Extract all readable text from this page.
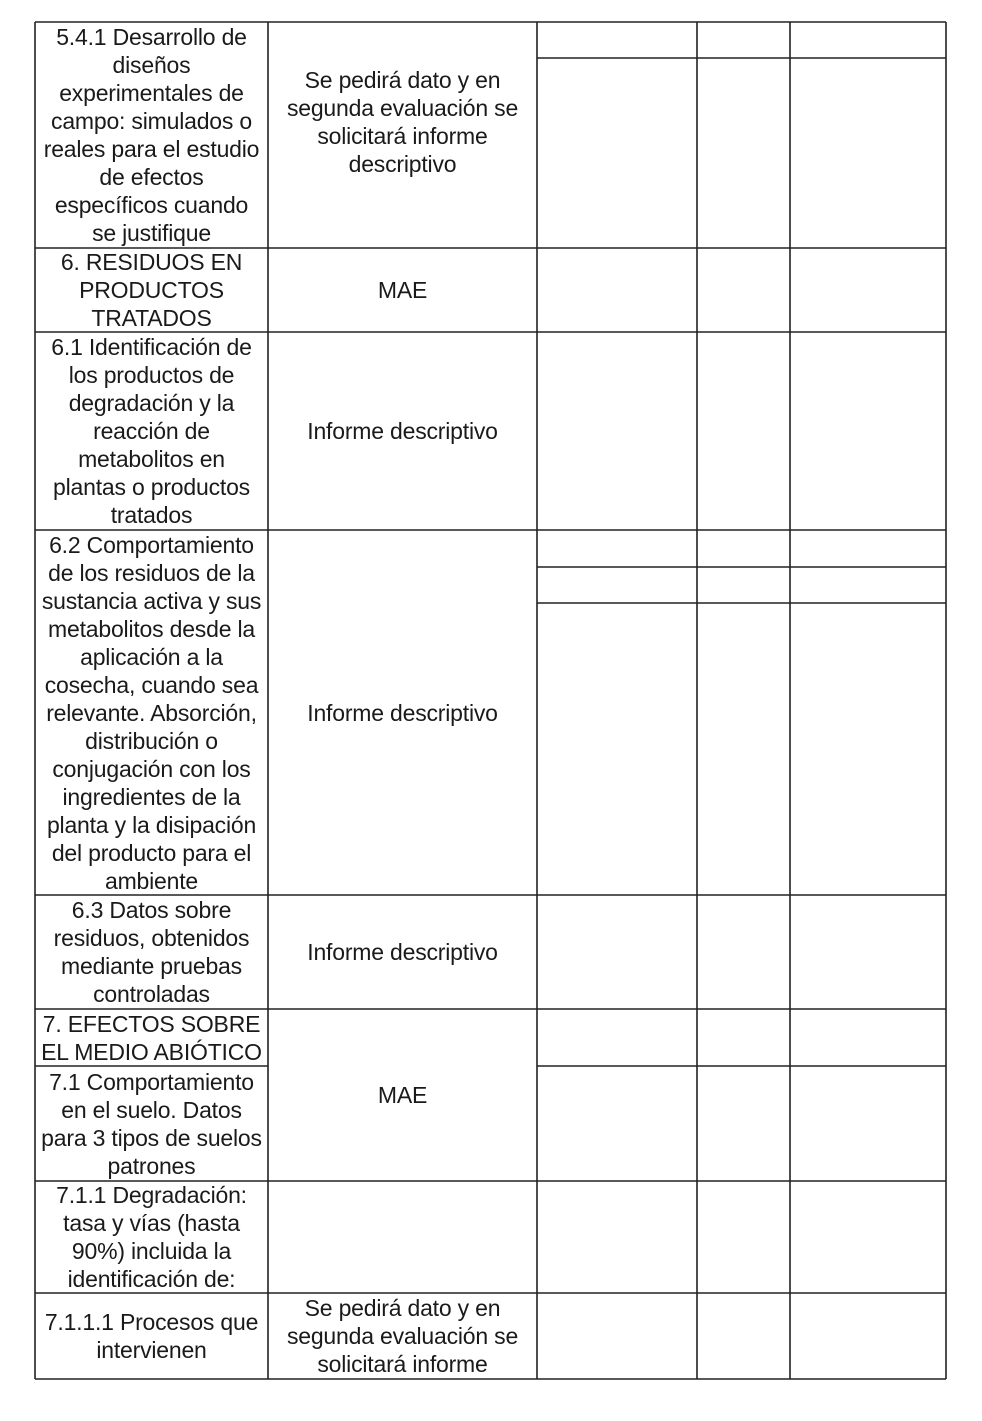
5.4.1 Desarrollo de
diseños
experimentales de
campo: simulados o
reales para el estudio
de efectos
específicos cuando
se justifique
Se pedirá dato y en
segunda evaluación se
solicitará informe
descriptivo
6. RESIDUOS EN
PRODUCTOS
TRATADOS
MAE
6.1 Identificación de
los productos de
degradación y la
reacción de
metabolitos en
plantas o productos
tratados
Informe descriptivo
6.2 Comportamiento
de los residuos de la
sustancia activa y sus
metabolitos desde la
aplicación a la
cosecha, cuando sea
relevante. Absorción,
distribución o
conjugación con los
ingredientes de la
planta y la disipación
del producto para el
ambiente
Informe descriptivo
6.3 Datos sobre
residuos, obtenidos
mediante pruebas
controladas
Informe descriptivo
7. EFECTOS SOBRE
EL MEDIO ABIÓTICO
MAE
7.1 Comportamiento
en el suelo. Datos
para 3 tipos de suelos
patrones
7.1.1 Degradación:
tasa y vías (hasta
90%) incluida la
identificación de:
7.1.1.1 Procesos que
intervienen
Se pedirá dato y en
segunda evaluación se
solicitará informe
